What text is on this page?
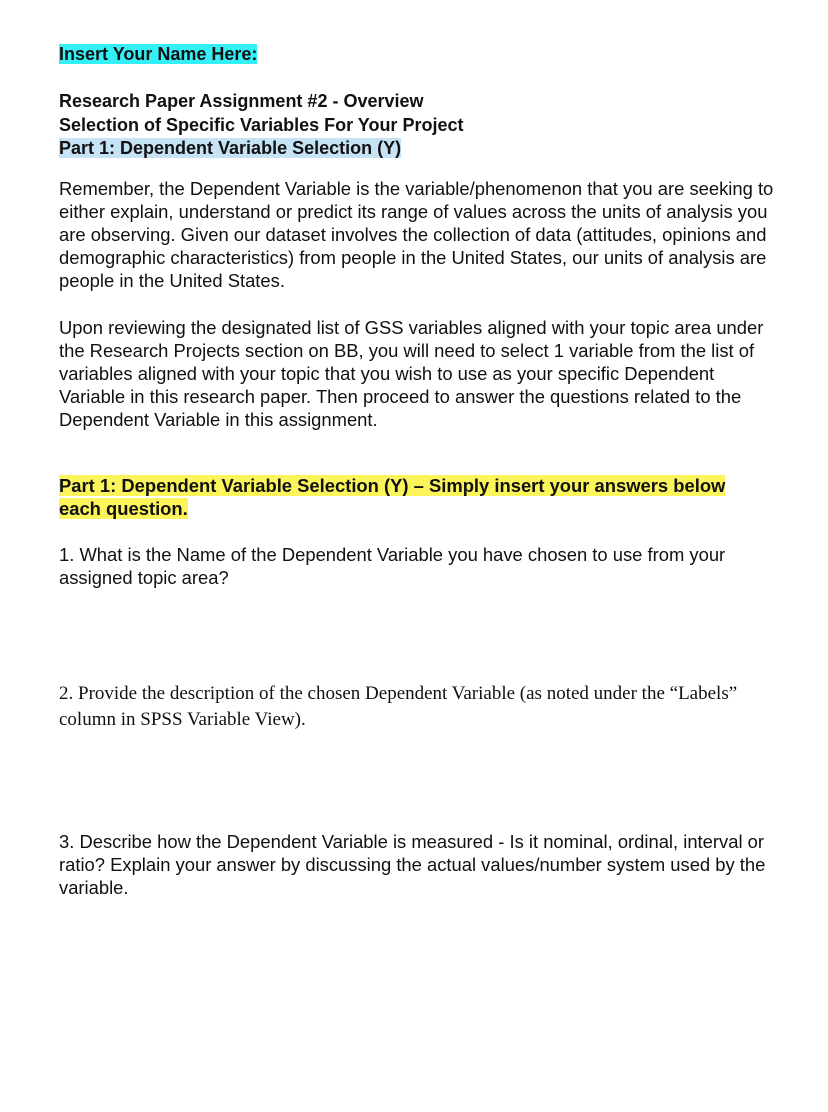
Insert Your Name Here:
Research Paper Assignment #2 - Overview
Selection of Specific Variables For Your Project
Part 1: Dependent Variable Selection (Y)
Remember, the Dependent Variable is the variable/phenomenon that you are seeking to either explain, understand or predict its range of values across the units of analysis you are observing. Given our dataset involves the collection of data (attitudes, opinions and demographic characteristics) from people in the United States, our units of analysis are people in the United States.
Upon reviewing the designated list of GSS variables aligned with your topic area under the Research Projects section on BB, you will need to select 1 variable from the list of variables aligned with your topic that you wish to use as your specific Dependent Variable in this research paper. Then proceed to answer the questions related to the Dependent Variable in this assignment.
Part 1: Dependent Variable Selection (Y) – Simply insert your answers below each question.
1. What is the Name of the Dependent Variable you have chosen to use from your assigned topic area?
2. Provide the description of the chosen Dependent Variable (as noted under the “Labels” column in SPSS Variable View).
3. Describe how the Dependent Variable is measured - Is it nominal, ordinal, interval or ratio? Explain your answer by discussing the actual values/number system used by the variable.
